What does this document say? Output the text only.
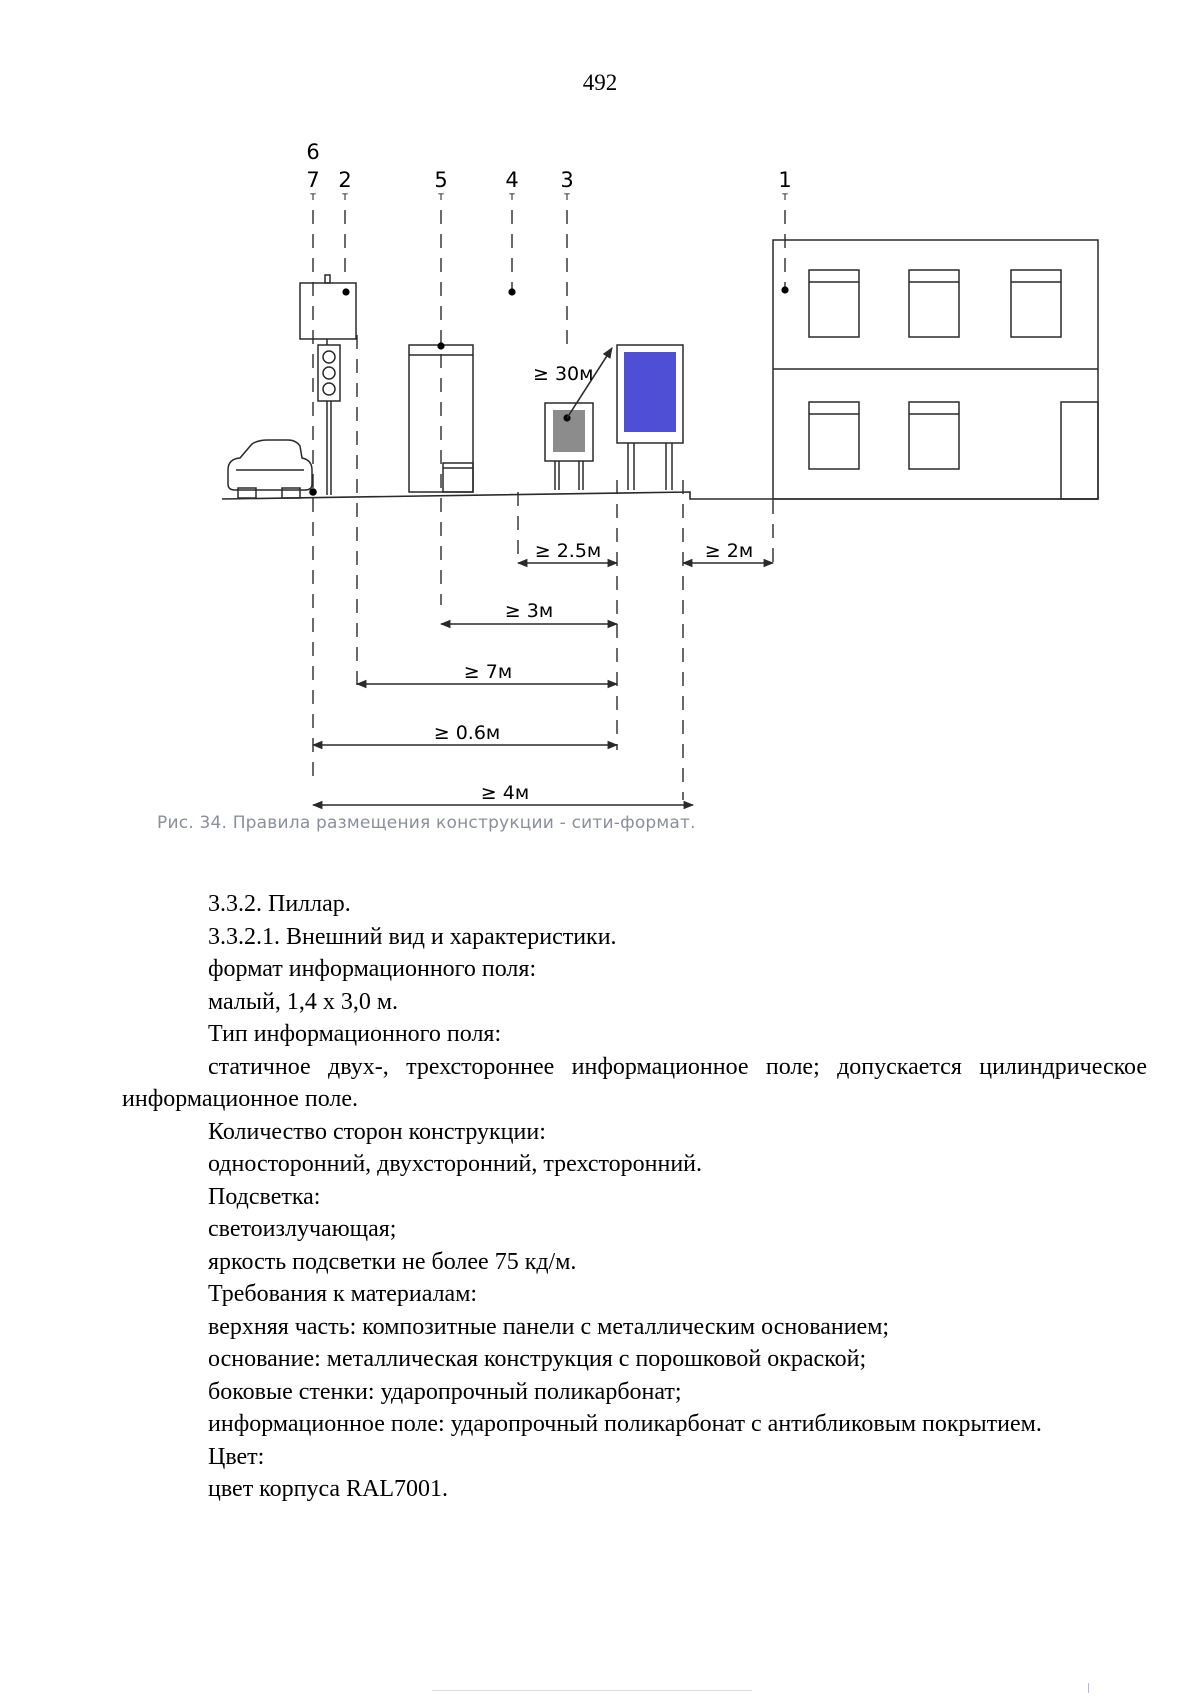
492
6
7 2	5	4 3	1
T	T	T	T	T	T
≥ 30м
≥ 2.5м	≥ 2м
≥ 3м
≥ 7м
≥ 0.6м
≥ 4м
Рис. 34. Правила размещения конструкции - сити-формат.

3.3.2. Пиллар.

3.3.2.1. Внешний вид и характеристики.

формат информационного поля:

малый, 1,4 х 3,0 м.

Тип информационного поля:

статичное двух-, трехстороннее информационное поле; допускается цилиндрическое информационное поле.

Количество сторон конструкции:

односторонний, двухсторонний, трехсторонний.

Подсветка:

светоизлучающая;

яркость подсветки не более 75 кд/м.

Требования к материалам:

верхняя часть: композитные панели с металлическим основанием;

основание: металлическая конструкция с порошковой окраской;

боковые стенки: ударопрочный поликарбонат;

информационное поле: ударопрочный поликарбонат с антибликовым покрытием.

Цвет:

цвет корпуса RAL7001.
